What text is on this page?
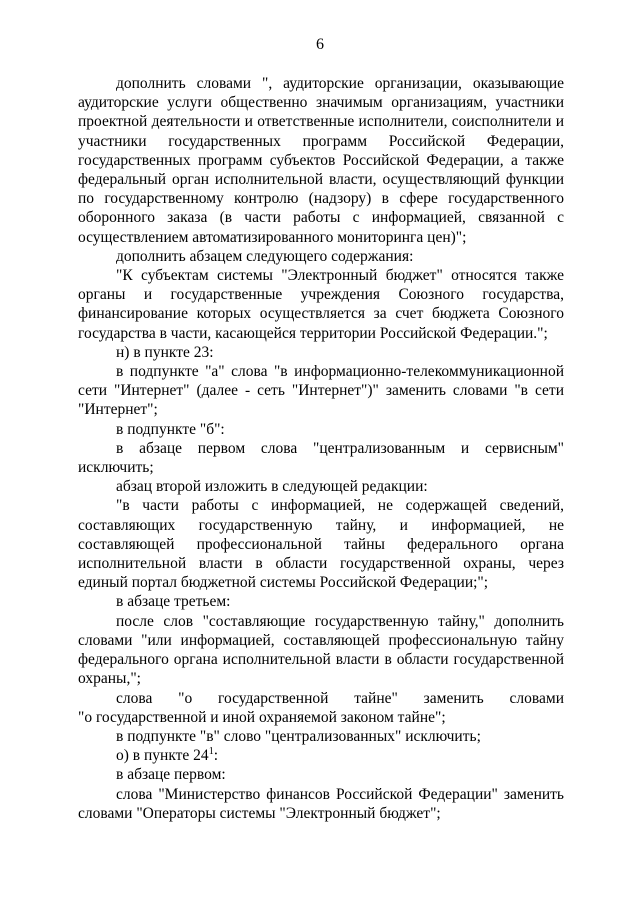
6

дополнить словами ", аудиторские организации, оказывающие аудиторские услуги общественно значимым организациям, участники проектной деятельности и ответственные исполнители, соисполнители и участники государственных программ Российской Федерации, государственных программ субъектов Российской Федерации, а также федеральный орган исполнительной власти, осуществляющий функции по государственному контролю (надзору) в сфере государственного оборонного заказа (в части работы с информацией, связанной с осуществлением автоматизированного мониторинга цен)";

дополнить абзацем следующего содержания:

"К субъектам системы "Электронный бюджет" относятся также органы и государственные учреждения Союзного государства, финансирование которых осуществляется за счет бюджета Союзного государства в части, касающейся территории Российской Федерации.";

н) в пункте 23:

в подпункте "а" слова "в информационно-телекоммуникационной сети "Интернет" (далее - сеть "Интернет")" заменить словами "в сети "Интернет";

в подпункте "б":

в абзаце первом слова "централизованным и сервисным" исключить;

абзац второй изложить в следующей редакции:

"в части работы с информацией, не содержащей сведений, составляющих государственную тайну, и информацией, не составляющей профессиональной тайны федерального органа исполнительной власти в области государственной охраны, через единый портал бюджетной системы Российской Федерации;";

в абзаце третьем:

после слов "составляющие государственную тайну," дополнить словами "или информацией, составляющей профессиональную тайну федерального органа исполнительной власти в области государственной охраны,";

слова "о государственной тайне" заменить словами

"о государственной и иной охраняемой законом тайне";

в подпункте "в" слово "централизованных" исключить;

о) в пункте $24^1$:

в абзаце первом:

слова "Министерство финансов Российской Федерации" заменить словами "Операторы системы "Электронный бюджет";
